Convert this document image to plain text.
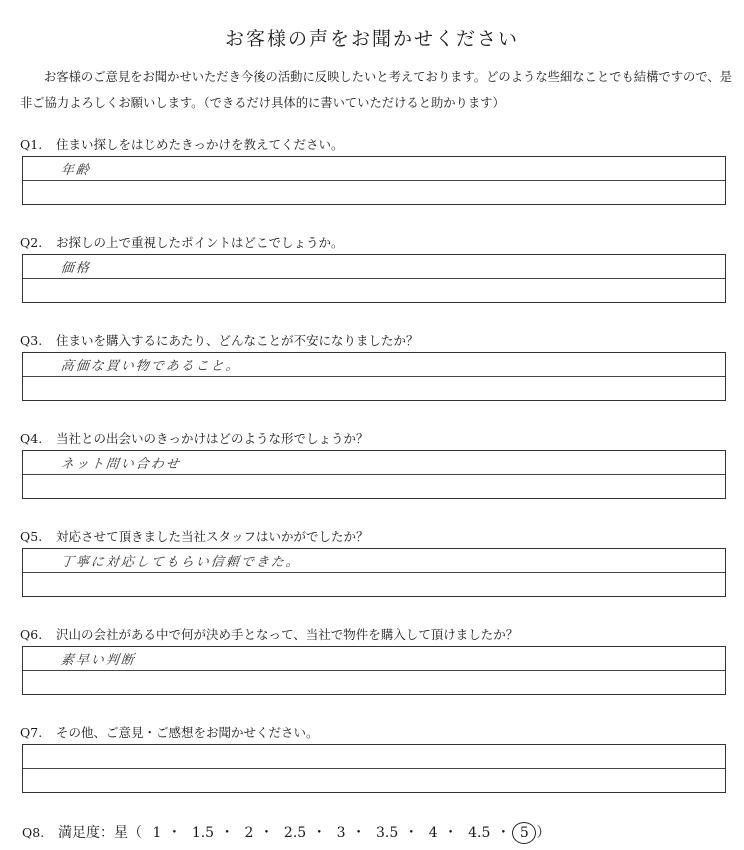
お客様の声をお聞かせください
お客様のご意見をお聞かせいただき今後の活動に反映したいと考えております。どのような些細なことでも結構ですので、是非ご協力よろしくお願いします。（できるだけ具体的に書いていただけると助かります）
Q1. 住まい探しをはじめたきっかけを教えてください。
年齢
Q2. お探しの上で重視したポイントはどこでしょうか。
価格
Q3. 住まいを購入するにあたり、どんなことが不安になりましたか？
高価な買い物であること。
Q4. 当社との出会いのきっかけはどのような形でしょうか？
ネット問い合わせ
Q5. 対応させて頂きました当社スタッフはいかがでしたか？
丁寧に対応してもらい信頼できた。
Q6. 沢山の会社がある中で何が決め手となって、当社で物件を購入して頂けましたか？
素早い判断
Q7. その他、ご意見・ご感想をお聞かせください。
Q8. 満足度：星（ 1 ・ 1.5 ・ 2 ・ 2.5 ・ 3 ・ 3.5 ・ 4 ・ 4.5 ・ 5 ）
